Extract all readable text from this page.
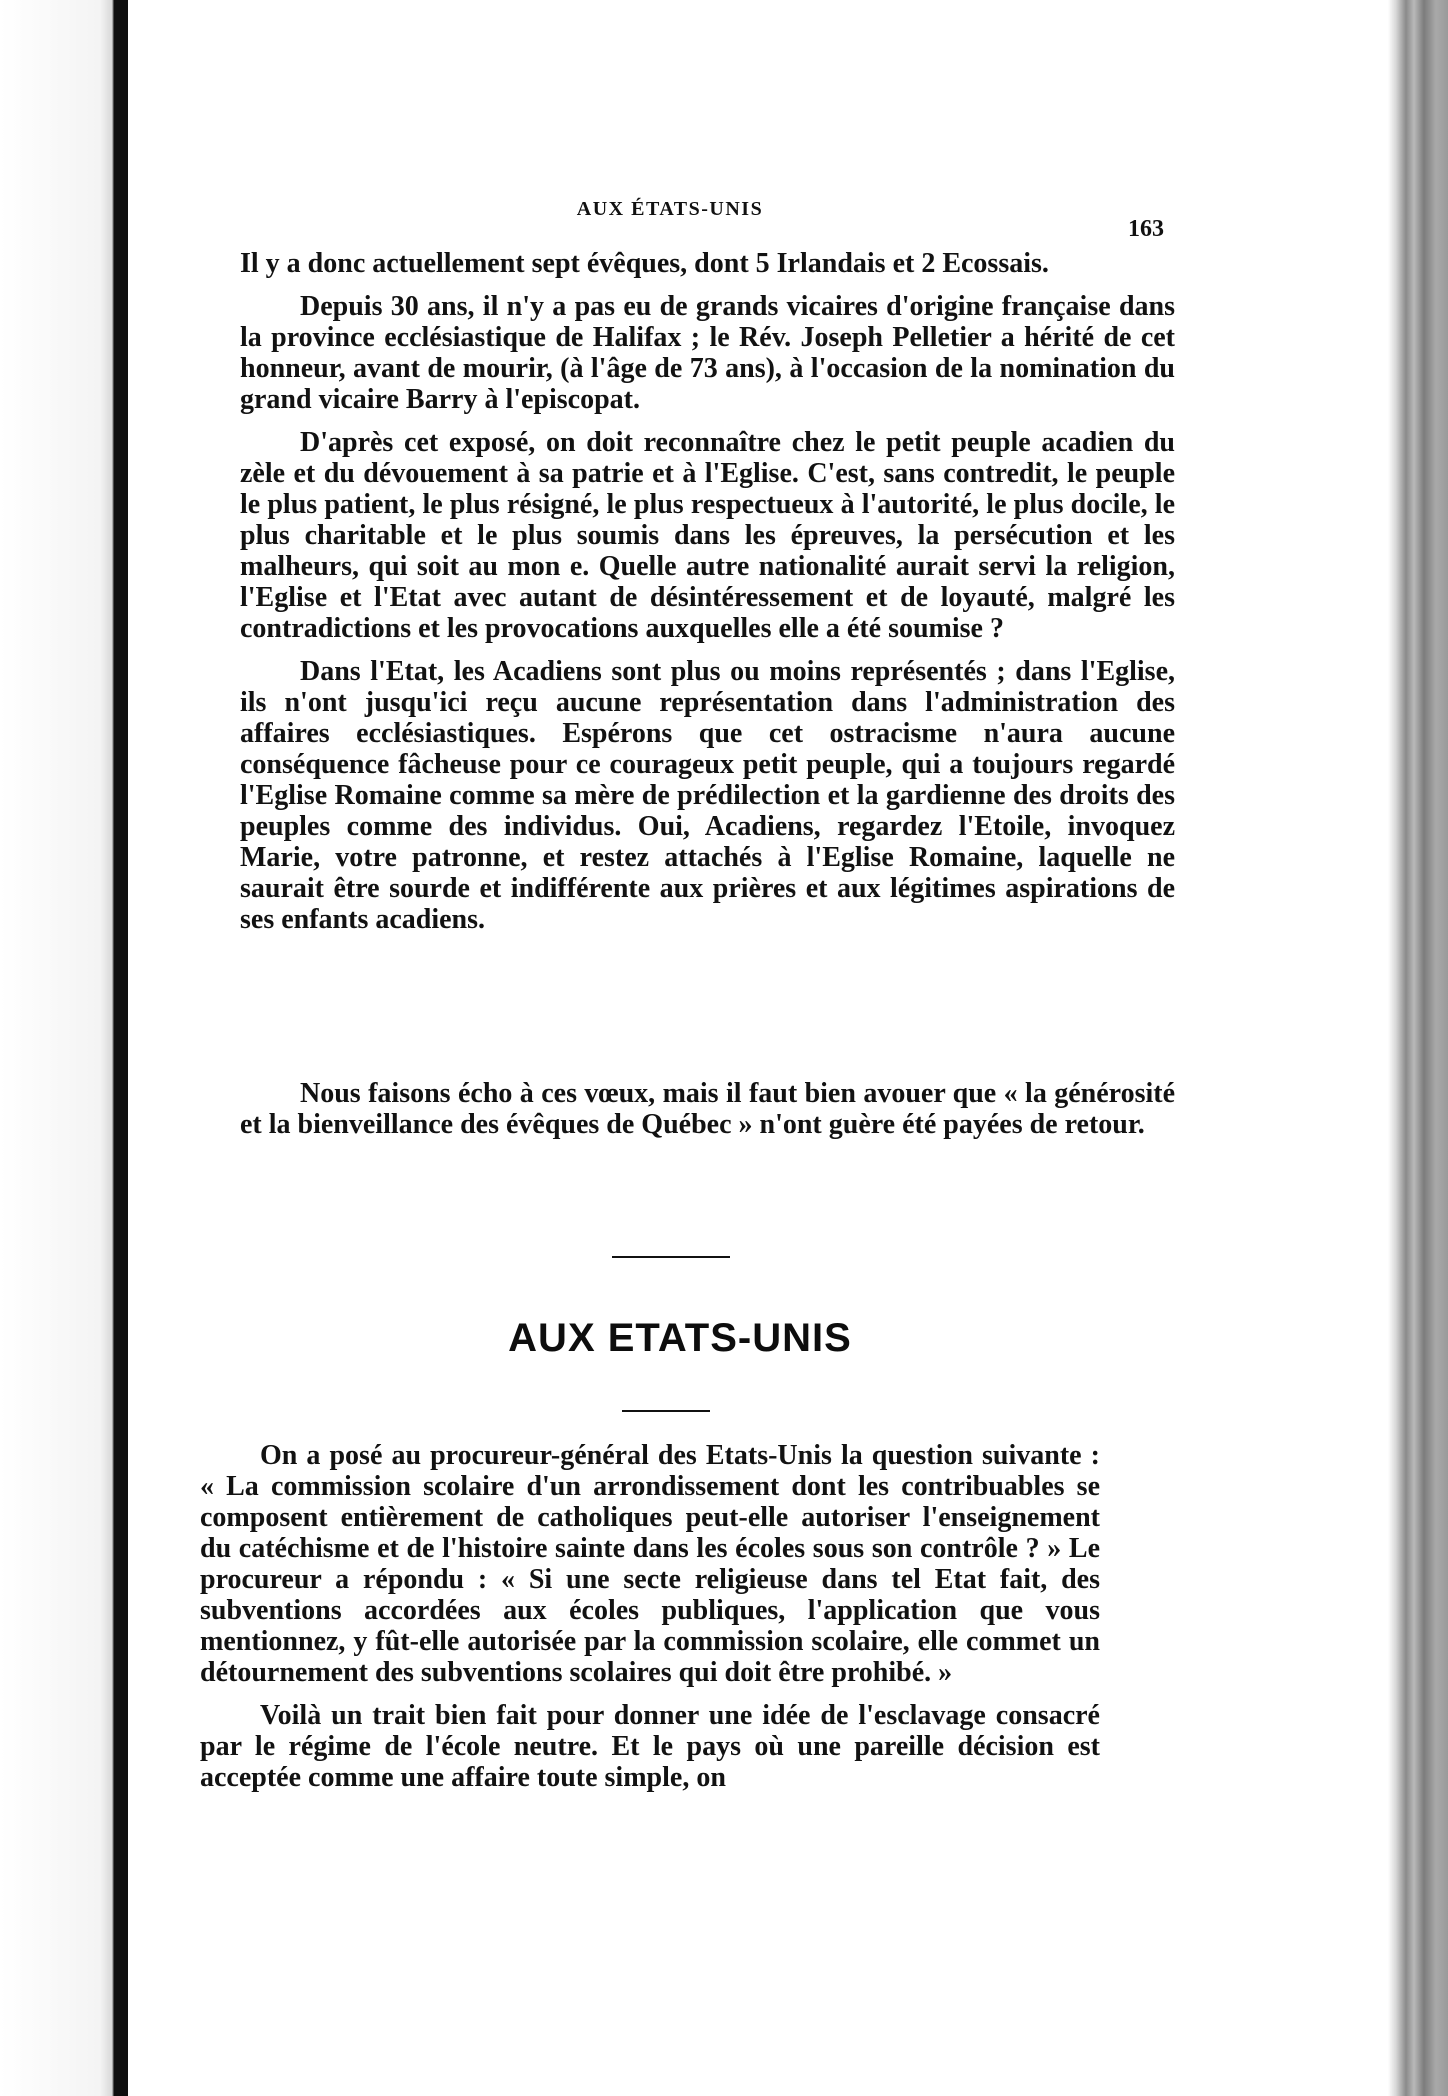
AUX ÉTATS-UNIS
163

Il y a donc actuellement sept évêques, dont 5 Irlandais et 2 Ecossais.

Depuis 30 ans, il n'y a pas eu de grands vicaires d'origine française dans la province ecclésiastique de Halifax ; le Rév. Joseph Pelletier a hérité de cet honneur, avant de mourir, (à l'âge de 73 ans), à l'occasion de la nomination du grand vicaire Barry à l'episcopat.

D'après cet exposé, on doit reconnaître chez le petit peuple acadien du zèle et du dévouement à sa patrie et à l'Eglise. C'est, sans contredit, le peuple le plus patient, le plus résigné, le plus respectueux à l'autorité, le plus docile, le plus charitable et le plus soumis dans les épreuves, la persécution et les malheurs, qui soit au mon e. Quelle autre nationalité aurait servi la religion, l'Eglise et l'Etat avec autant de désintéressement et de loyauté, malgré les contradictions et les provocations auxquelles elle a été soumise ?

Dans l'Etat, les Acadiens sont plus ou moins représentés ; dans l'Eglise, ils n'ont jusqu'ici reçu aucune représentation dans l'administration des affaires ecclésiastiques. Espérons que cet ostracisme n'aura aucune conséquence fâcheuse pour ce courageux petit peuple, qui a toujours regardé l'Eglise Romaine comme sa mère de prédilection et la gardienne des droits des peuples comme des individus. Oui, Acadiens, regardez l'Etoile, invoquez Marie, votre patronne, et restez attachés à l'Eglise Romaine, laquelle ne saurait être sourde et indifférente aux prières et aux légitimes aspirations de ses enfants acadiens.

Nous faisons écho à ces vœux, mais il faut bien avouer que « la générosité et la bienveillance des évêques de Québec » n'ont guère été payées de retour.

AUX ETATS-UNIS

On a posé au procureur-général des Etats-Unis la question suivante : « La commission scolaire d'un arrondissement dont les contribuables se composent entièrement de catholiques peut-elle autoriser l'enseignement du catéchisme et de l'histoire sainte dans les écoles sous son contrôle ? » Le procureur a répondu : « Si une secte religieuse dans tel Etat fait, des subventions accordées aux écoles publiques, l'application que vous mentionnez, y fût-elle autorisée par la commission scolaire, elle commet un détournement des subventions scolaires qui doit être prohibé. »

Voilà un trait bien fait pour donner une idée de l'esclavage consacré par le régime de l'école neutre. Et le pays où une pareille décision est acceptée comme une affaire toute simple, on
